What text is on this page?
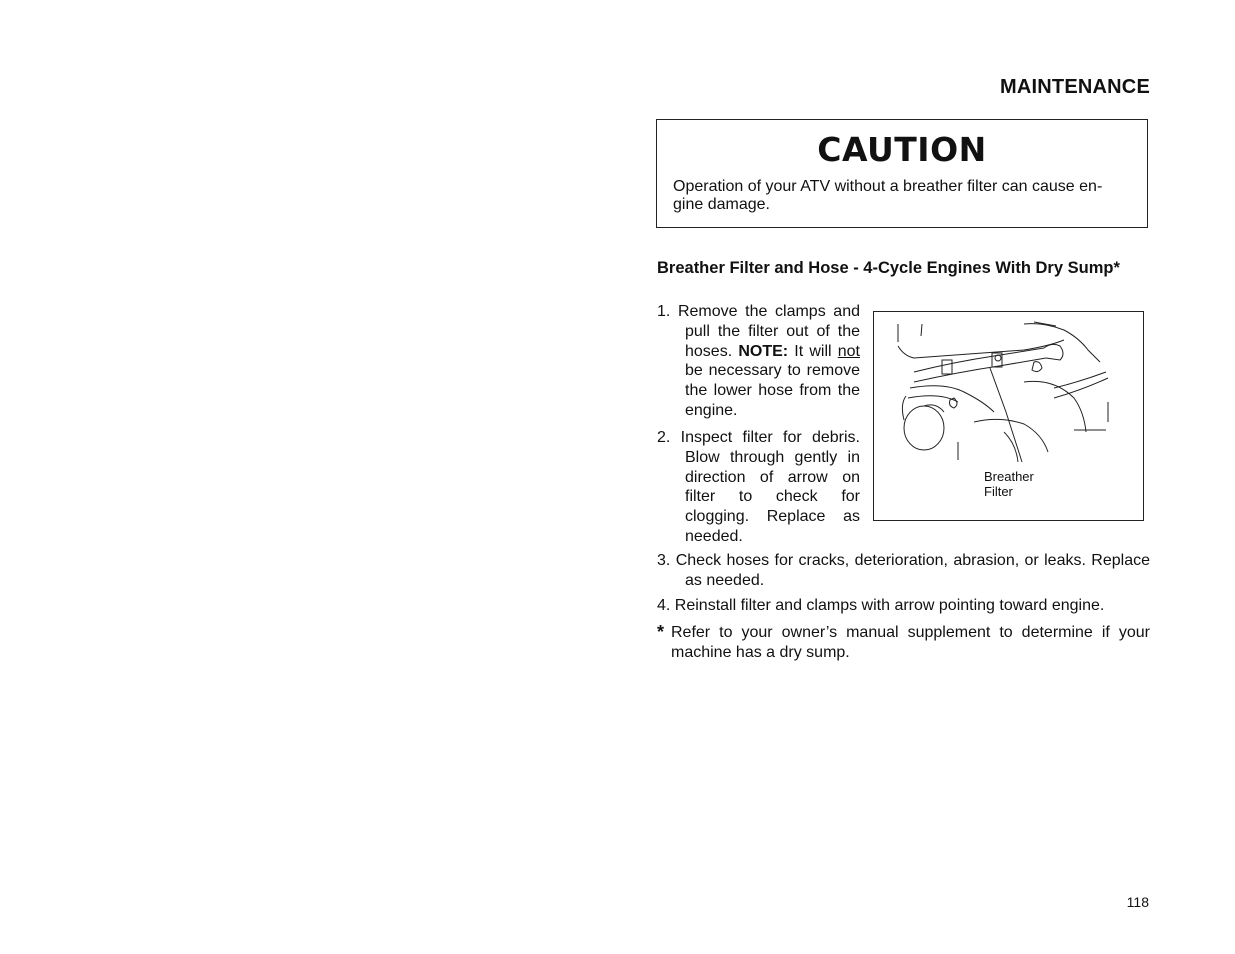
MAINTENANCE
CAUTION
Operation of your ATV without a breather filter can cause en-gine damage.
Breather Filter and Hose - 4-Cycle Engines With Dry Sump*
1. Remove the clamps and pull the filter out of the hoses. NOTE: It will not be necessary to remove the lower hose from the engine.
2. Inspect filter for debris. Blow through gently in direction of arrow on filter to check for clogging. Replace as needed.
3. Check hoses for cracks, deterioration, abrasion, or leaks. Replace as needed.
4. Reinstall filter and clamps with arrow pointing toward engine.
Breather
Filter
* Refer to your owner’s manual supplement to determine if your machine has a dry sump.
118
